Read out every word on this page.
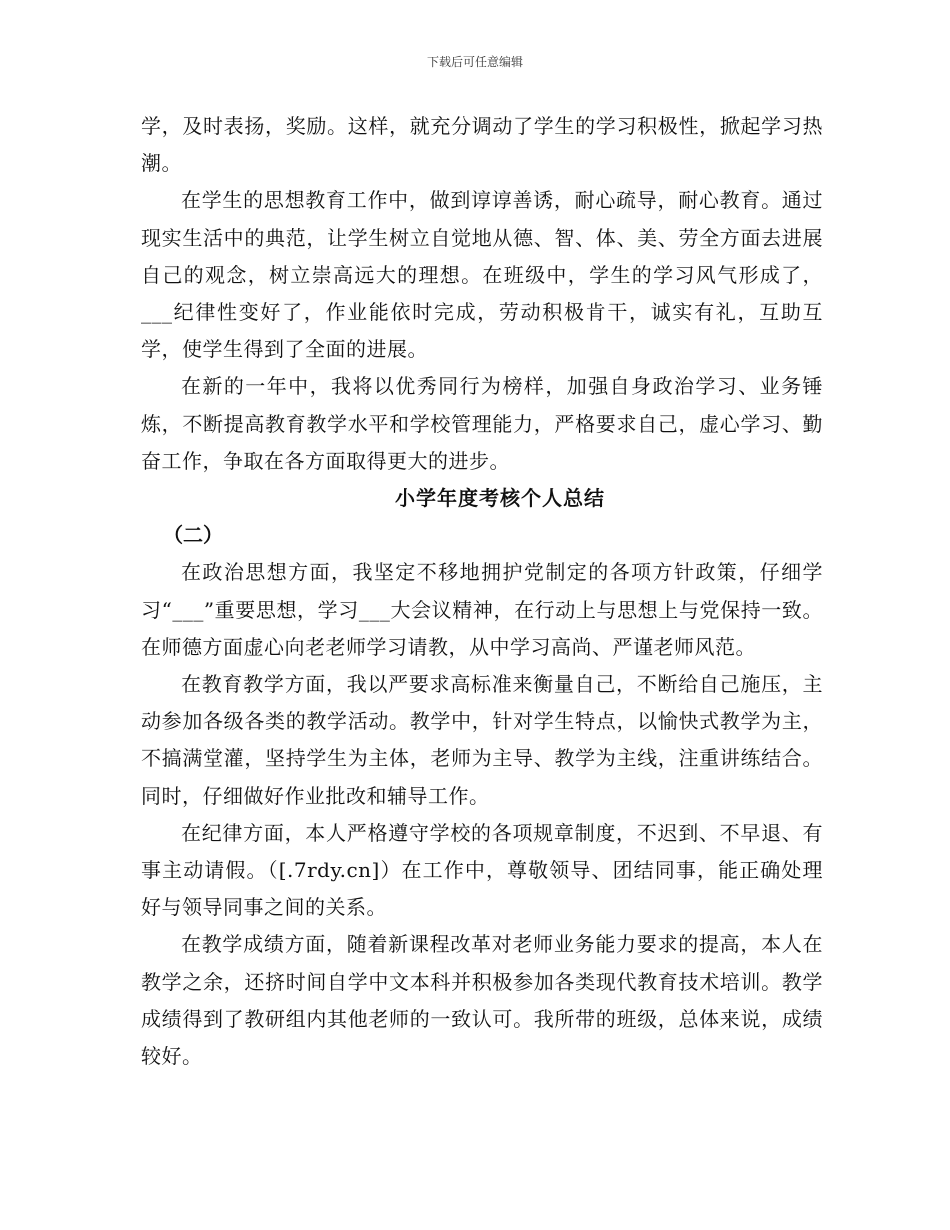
下载后可任意编辑

学，及时表扬，奖励。这样，就充分调动了学生的学习积极性，掀起学习热潮。

在学生的思想教育工作中，做到谆谆善诱，耐心疏导，耐心教育。通过现实生活中的典范，让学生树立自觉地从德、智、体、美、劳全方面去进展自己的观念，树立崇高远大的理想。在班级中，学生的学习风气形成了，___纪律性变好了，作业能依时完成，劳动积极肯干，诚实有礼，互助互学，使学生得到了全面的进展。

在新的一年中，我将以优秀同行为榜样，加强自身政治学习、业务锤炼，不断提高教育教学水平和学校管理能力，严格要求自己，虚心学习、勤奋工作，争取在各方面取得更大的进步。

小学年度考核个人总结

（二）

在政治思想方面，我坚定不移地拥护党制定的各项方针政策，仔细学习“___”重要思想，学习___大会议精神，在行动上与思想上与党保持一致。在师德方面虚心向老老师学习请教，从中学习高尚、严谨老师风范。

在教育教学方面，我以严要求高标准来衡量自己，不断给自己施压，主动参加各级各类的教学活动。教学中，针对学生特点，以愉快式教学为主，不搞满堂灌，坚持学生为主体，老师为主导、教学为主线，注重讲练结合。同时，仔细做好作业批改和辅导工作。

在纪律方面，本人严格遵守学校的各项规章制度，不迟到、不早退、有事主动请假。（[.7rdy.cn]）在工作中，尊敬领导、团结同事，能正确处理好与领导同事之间的关系。

在教学成绩方面，随着新课程改革对老师业务能力要求的提高，本人在教学之余，还挤时间自学中文本科并积极参加各类现代教育技术培训。教学成绩得到了教研组内其他老师的一致认可。我所带的班级，总体来说，成绩较好。
